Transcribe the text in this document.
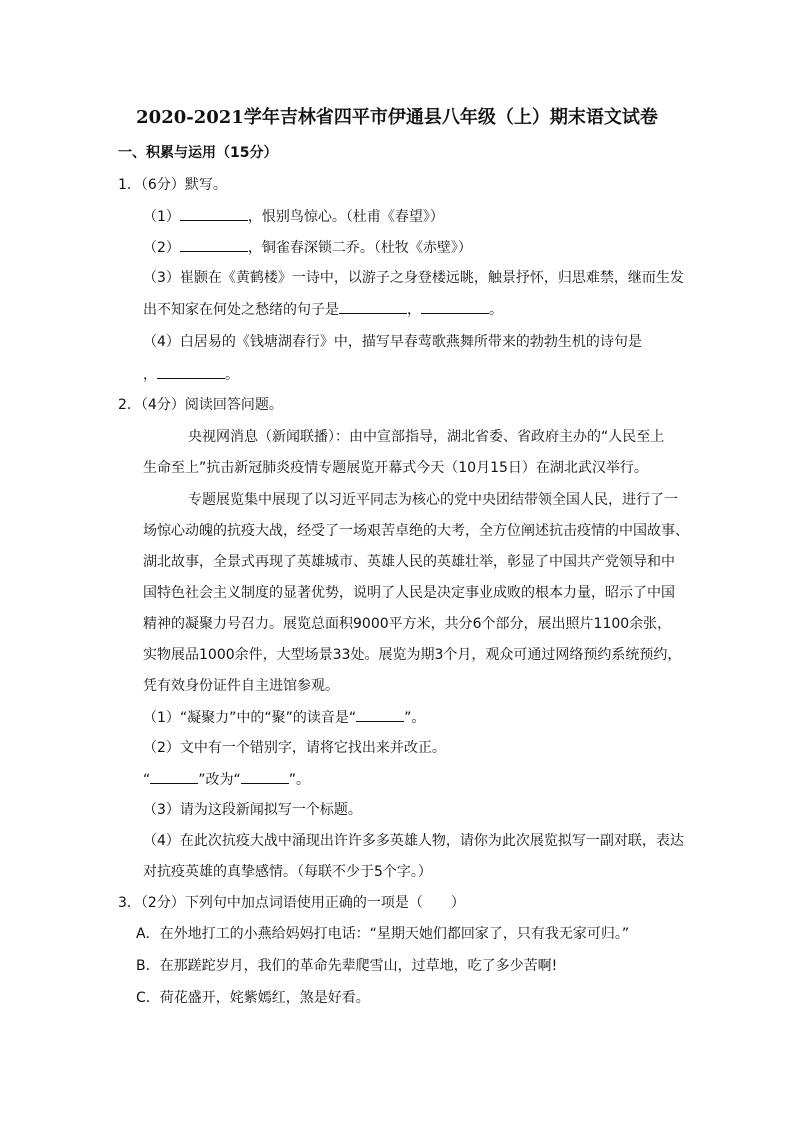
2020-2021学年吉林省四平市伊通县八年级（上）期末语文试卷
一、积累与运用（15分）
1．（6分）默写。
（1）	，恨别鸟惊心。（杜甫《春望》）
（2）	，铜雀春深锁二乔。（杜牧《赤壁》）
（3）崔颢在《黄鹤楼》一诗中，以游子之身登楼远眺，触景抒怀，归思难禁，继而生发
出不知家在何处之愁绪的句子是	，	。
（4）白居易的《钱塘湖春行》中，描写早春莺歌燕舞所带来的勃勃生机的诗句是
，	。
2．（4分）阅读回答问题。
央视网消息（新闻联播）：由中宣部指导，湖北省委、省政府主办的“人民至上
生命至上”抗击新冠肺炎疫情专题展览开幕式今天（10月15日）在湖北武汉举行。
专题展览集中展现了以习近平同志为核心的党中央团结带领全国人民，进行了一
场惊心动魄的抗疫大战，经受了一场艰苦卓绝的大考，全方位阐述抗击疫情的中国故事、
湖北故事，全景式再现了英雄城市、英雄人民的英雄壮举，彰显了中国共产党领导和中
国特色社会主义制度的显著优势，说明了人民是决定事业成败的根本力量，昭示了中国
精神的凝聚力号召力。展览总面积9000平方米，共分6个部分，展出照片1100余张，
实物展品1000余件，大型场景33处。展览为期3个月，观众可通过网络预约系统预约，
凭有效身份证件自主进馆参观。
（1）“凝聚力”中的“聚”的读音是“	”。
（2）文中有一个错别字，请将它找出来并改正。
“	”改为“	”。
（3）请为这段新闻拟写一个标题。
（4）在此次抗疫大战中涌现出许许多多英雄人物，请你为此次展览拟写一副对联，表达
对抗疫英雄的真挚感情。（每联不少于5个字。）
3．（2分）下列句中加点词语使用正确的一项是（　　）
A．在外地打工的小燕给妈妈打电话：“星期天她们都回家了，只有我无家可归。”
B．在那蹉跎岁月，我们的革命先辈爬雪山，过草地，吃了多少苦啊!
C．荷花盛开，姹紫嫣红，煞是好看。
